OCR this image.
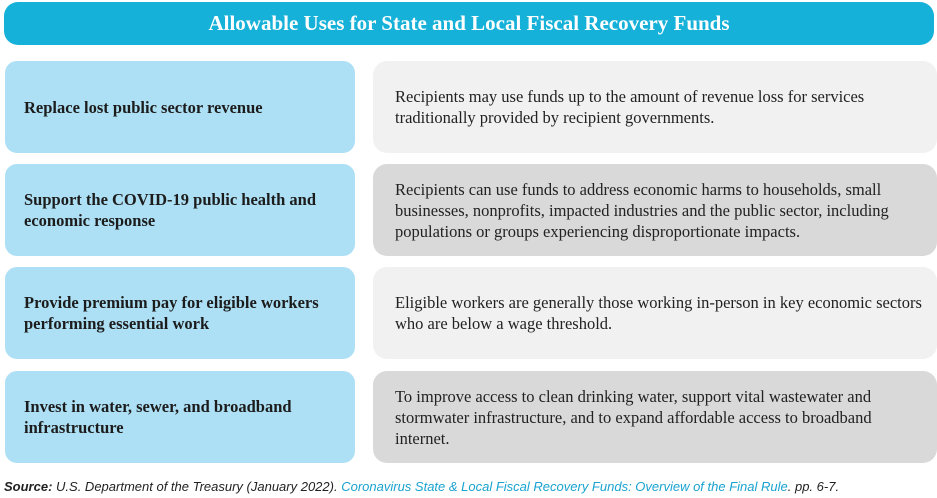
Allowable Uses for State and Local Fiscal Recovery Funds
Replace lost public sector revenue
Recipients may use funds up to the amount of revenue loss for services traditionally provided by recipient governments.
Support the COVID-19 public health and economic response
Recipients can use funds to address economic harms to households, small businesses, nonprofits, impacted industries and the public sector, including populations or groups experiencing disproportionate impacts.
Provide premium pay for eligible workers performing essential work
Eligible workers are generally those working in-person in key economic sectors who are below a wage threshold.
Invest in water, sewer, and broadband infrastructure
To improve access to clean drinking water, support vital wastewater and stormwater infrastructure, and to expand affordable access to broadband internet.
Source: U.S. Department of the Treasury (January 2022). Coronavirus State & Local Fiscal Recovery Funds: Overview of the Final Rule. pp. 6-7.
